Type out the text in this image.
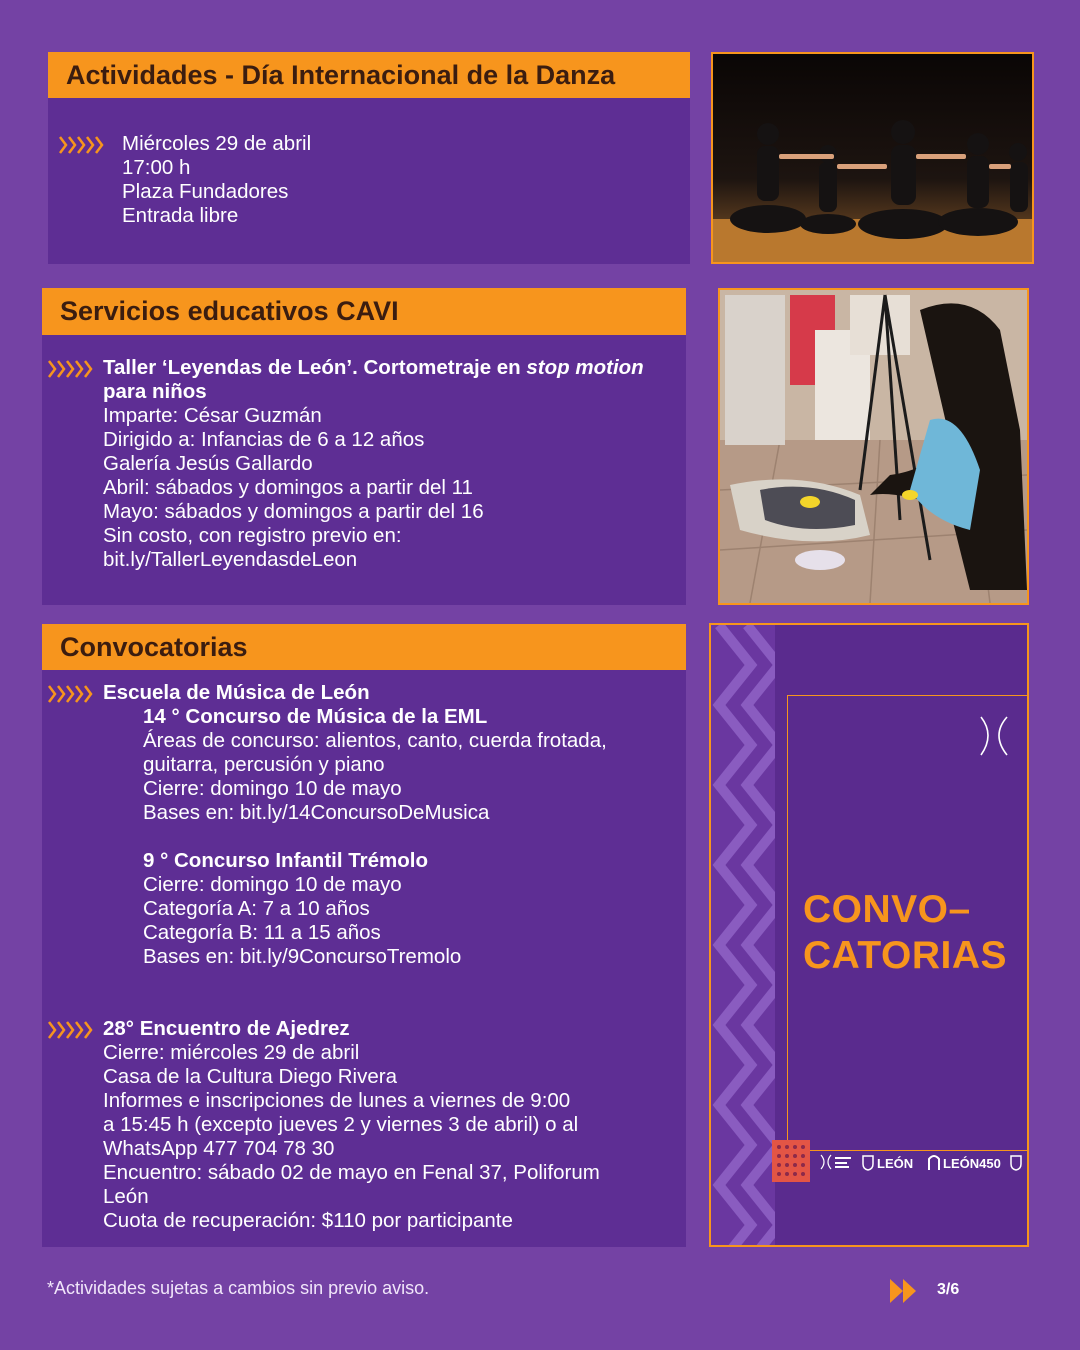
Actividades - Día Internacional de la Danza
Miércoles 29 de abril
17:00 h
Plaza Fundadores
Entrada libre
Servicios educativos CAVI
Taller ‘Leyendas de León’. Cortometraje en stop motion
para niños
Imparte: César Guzmán
Dirigido a: Infancias de 6 a 12 años
Galería Jesús Gallardo
Abril: sábados y domingos a partir del 11
Mayo: sábados y domingos a partir del 16
Sin costo, con registro previo en:
bit.ly/TallerLeyendasdeLeon
Convocatorias
Escuela de Música de León
14 ° Concurso de Música de la EML
Áreas de concurso: alientos, canto, cuerda frotada,
guitarra, percusión y piano
Cierre: domingo 10 de mayo
Bases en: bit.ly/14ConcursoDeMusica
9 ° Concurso Infantil Trémolo
Cierre: domingo 10 de mayo
Categoría A: 7 a 10 años
Categoría B: 11 a 15 años
Bases en: bit.ly/9ConcursoTremolo
28° Encuentro de Ajedrez
Cierre: miércoles 29 de abril
Casa de la Cultura Diego Rivera
Informes e inscripciones de lunes a viernes de 9:00
a 15:45 h (excepto jueves 2 y viernes 3 de abril) o al
WhatsApp 477 704 78 30
Encuentro: sábado 02 de mayo en Fenal 37, Poliforum
León
Cuota de recuperación: $110 por participante
CONVO–
CATORIAS
LEÓN LEÓN450
*Actividades sujetas a cambios sin previo aviso.	3/6
